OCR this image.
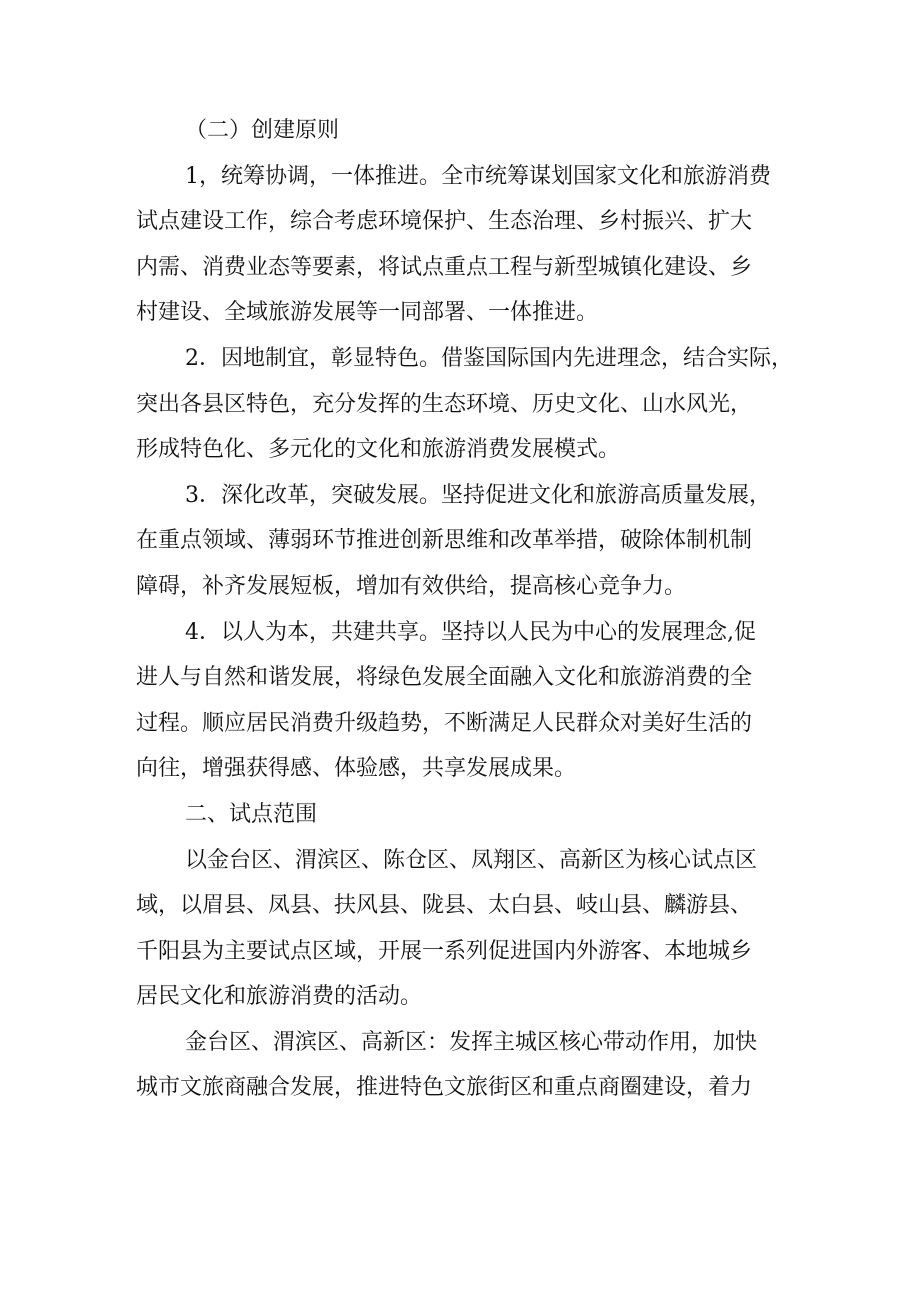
（二）创建原则

1，统筹协调，一体推进。全市统筹谋划国家文化和旅游消费
试点建设工作，综合考虑环境保护、生态治理、乡村振兴、扩大
内需、消费业态等要素，将试点重点工程与新型城镇化建设、乡
村建设、全域旅游发展等一同部署、一体推进。

2．因地制宜，彰显特色。借鉴国际国内先进理念，结合实际，
突出各县区特色，充分发挥的生态环境、历史文化、山水风光，
形成特色化、多元化的文化和旅游消费发展模式。

3．深化改革，突破发展。坚持促进文化和旅游高质量发展，
在重点领域、薄弱环节推进创新思维和改革举措，破除体制机制
障碍，补齐发展短板，增加有效供给，提高核心竞争力。

4．以人为本，共建共享。坚持以人民为中心的发展理念,促
进人与自然和谐发展，将绿色发展全面融入文化和旅游消费的全
过程。顺应居民消费升级趋势，不断满足人民群众对美好生活的
向往，增强获得感、体验感，共享发展成果。

二、试点范围

以金台区、渭滨区、陈仓区、凤翔区、高新区为核心试点区
域，以眉县、凤县、扶风县、陇县、太白县、岐山县、麟游县、
千阳县为主要试点区域，开展一系列促进国内外游客、本地城乡
居民文化和旅游消费的活动。

金台区、渭滨区、高新区：发挥主城区核心带动作用，加快
城市文旅商融合发展，推进特色文旅街区和重点商圈建设，着力
